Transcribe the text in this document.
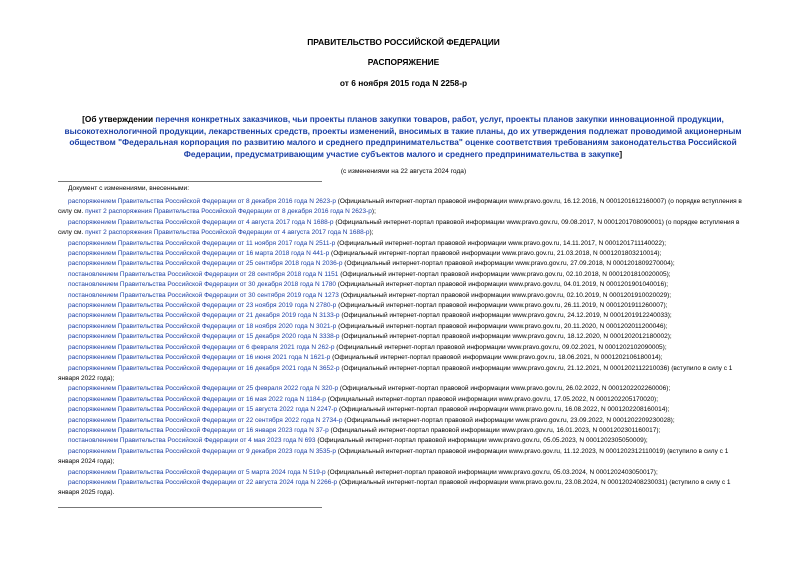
ПРАВИТЕЛЬСТВО РОССИЙСКОЙ ФЕДЕРАЦИИ
РАСПОРЯЖЕНИЕ
от 6 ноября 2015 года N 2258-р
[Об утверждении перечня конкретных заказчиков, чьи проекты планов закупки товаров, работ, услуг, проекты планов закупки инновационной продукции, высокотехнологичной продукции, лекарственных средств, проекты изменений, вносимых в такие планы, до их утверждения подлежат проводимой акционерным обществом "Федеральная корпорация по развитию малого и среднего предпринимательства" оценке соответствия требованиям законодательства Российской Федерации, предусматривающим участие субъектов малого и среднего предпринимательства в закупке]
(с изменениями на 22 августа 2024 года)
Документ с изменениями, внесенными:
распоряжением Правительства Российской Федерации от 8 декабря 2016 года N 2623-р (Официальный интернет-портал правовой информации www.pravo.gov.ru, 16.12.2016, N 0001201612160007) (о порядке вступления в силу см. пункт 2 распоряжения Правительства Российской Федерации от 8 декабря 2016 года N 2623-р);
распоряжением Правительства Российской Федерации от 4 августа 2017 года N 1688-р (Официальный интернет-портал правовой информации www.pravo.gov.ru, 09.08.2017, N 0001201708090001) (о порядке вступления в силу см. пункт 2 распоряжения Правительства Российской Федерации от 4 августа 2017 года N 1688-р);
распоряжением Правительства Российской Федерации от 11 ноября 2017 года N 2511-р (Официальный интернет-портал правовой информации www.pravo.gov.ru, 14.11.2017, N 0001201711140022);
распоряжением Правительства Российской Федерации от 16 марта 2018 года N 441-р (Официальный интернет-портал правовой информации www.pravo.gov.ru, 21.03.2018, N 0001201803210014);
распоряжением Правительства Российской Федерации от 25 сентября 2018 года N 2036-р (Официальный интернет-портал правовой информации www.pravo.gov.ru, 27.09.2018, N 0001201809270004);
постановлением Правительства Российской Федерации от 28 сентября 2018 года N 1151 (Официальный интернет-портал правовой информации www.pravo.gov.ru, 02.10.2018, N 0001201810020005);
постановлением Правительства Российской Федерации от 30 декабря 2018 года N 1780 (Официальный интернет-портал правовой информации www.pravo.gov.ru, 04.01.2019, N 0001201901040016);
постановлением Правительства Российской Федерации от 30 сентября 2019 года N 1273 (Официальный интернет-портал правовой информации www.pravo.gov.ru, 02.10.2019, N 0001201910020029);
распоряжением Правительства Российской Федерации от 23 ноября 2019 года N 2780-р (Официальный интернет-портал правовой информации www.pravo.gov.ru, 26.11.2019, N 0001201911260007);
распоряжением Правительства Российской Федерации от 21 декабря 2019 года N 3133-р (Официальный интернет-портал правовой информации www.pravo.gov.ru, 24.12.2019, N 0001201912240033);
распоряжением Правительства Российской Федерации от 18 ноября 2020 года N 3021-р (Официальный интернет-портал правовой информации www.pravo.gov.ru, 20.11.2020, N 0001202011200046);
распоряжением Правительства Российской Федерации от 15 декабря 2020 года N 3338-р (Официальный интернет-портал правовой информации www.pravo.gov.ru, 18.12.2020, N 0001202012180002);
распоряжением Правительства Российской Федерации от 6 февраля 2021 года N 262-р (Официальный интернет-портал правовой информации www.pravo.gov.ru, 09.02.2021, N 0001202102090005);
распоряжением Правительства Российской Федерации от 16 июня 2021 года N 1621-р (Официальный интернет-портал правовой информации www.pravo.gov.ru, 18.06.2021, N 0001202106180014);
распоряжением Правительства Российской Федерации от 16 декабря 2021 года N 3652-р (Официальный интернет-портал правовой информации www.pravo.gov.ru, 21.12.2021, N 0001202112210036) (вступило в силу с 1 января 2022 года);
распоряжением Правительства Российской Федерации от 25 февраля 2022 года N 320-р (Официальный интернет-портал правовой информации www.pravo.gov.ru, 26.02.2022, N 0001202202260006);
распоряжением Правительства Российской Федерации от 16 мая 2022 года N 1184-р (Официальный интернет-портал правовой информации www.pravo.gov.ru, 17.05.2022, N 0001202205170020);
распоряжением Правительства Российской Федерации от 15 августа 2022 года N 2247-р (Официальный интернет-портал правовой информации www.pravo.gov.ru, 16.08.2022, N 0001202208160014);
распоряжением Правительства Российской Федерации от 22 сентября 2022 года N 2734-р (Официальный интернет-портал правовой информации www.pravo.gov.ru, 23.09.2022, N 0001202209230028);
распоряжением Правительства Российской Федерации от 16 января 2023 года N 37-р (Официальный интернет-портал правовой информации www.pravo.gov.ru, 16.01.2023, N 0001202301160017);
постановлением Правительства Российской Федерации от 4 мая 2023 года N 693 (Официальный интернет-портал правовой информации www.pravo.gov.ru, 05.05.2023, N 0001202305050009);
распоряжением Правительства Российской Федерации от 9 декабря 2023 года N 3535-р (Официальный интернет-портал правовой информации www.pravo.gov.ru, 11.12.2023, N 0001202312110019) (вступило в силу с 1 января 2024 года);
распоряжением Правительства Российской Федерации от 5 марта 2024 года N 519-р (Официальный интернет-портал правовой информации www.pravo.gov.ru, 05.03.2024, N 0001202403050017);
распоряжением Правительства Российской Федерации от 22 августа 2024 года N 2266-р (Официальный интернет-портал правовой информации www.pravo.gov.ru, 23.08.2024, N 0001202408230031) (вступило в силу с 1 января 2025 года).
